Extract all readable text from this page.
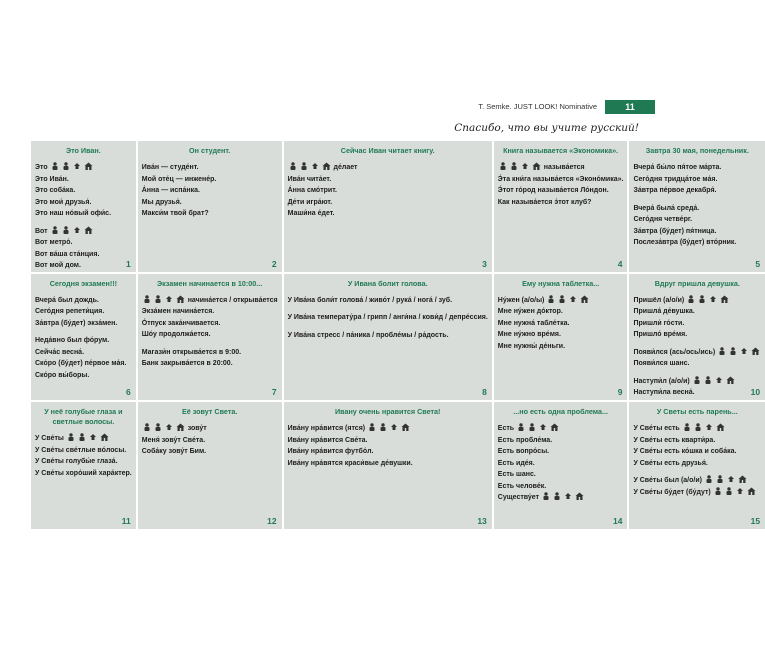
T. Semke. JUST LOOK! Nominative	11
Спасибо, что вы учите русский!
Это Иван.
Это
Это Ива́н.
Это соба́ка.
Это мои́ друзья́.
Это наш но́вый офи́с.
Вот
Вот метро́.
Вот ва́ша ста́нция.
Вот мой дом.	1
Он студент.
Ива́н — студе́нт.
Мой оте́ц — инжене́р.
А́нна — испа́нка.
Мы друзья́.
Макси́м твой брат?
2
Сейчас Иван читает книгу.
де́лает
Ива́н чита́ет.
А́нна смо́трит.
Де́ти игра́ют.
Маши́на е́дет.
3
Книга называется «Экономика».
называ́ется
Э́та кни́га называ́ется «Эконо́мика».
Э́тот го́род называ́ется Ло́ндон.
Как называ́ется э́тот клуб?
4
Завтра 30 мая, понедельник.
Вчера́ бы́ло пя́тое ма́рта.
Сего́дня тридца́тое ма́я.
За́втра пе́рвое декабря́.
Вчера́ была́ среда́.
Сего́дня четве́рг.
За́втра (бу́дет) пя́тница.
Послеза́втра (бу́дет) вто́рник.
5
Сегодня экзамен!!!
Вчера́ был дождь.
Сего́дня репети́ция.
За́втра (бу́дет) экза́мен.
Неда́вно был фо́рум.
Сейча́с весна́.
Ско́ро (бу́дет) пе́рвое ма́я.
Ско́ро вы́боры.
6
Экзамен начинается в 10:00...
начина́ется / открыва́ется
Экза́мен начина́ется.
О́тпуск зака́нчивается.
Шо́у продолжа́ется.
Магази́н открыва́ется в 9:00.
Банк закрыва́ется в 20:00.
7
У Ивана болит голова.
У Ива́на боли́т голова́ / живо́т / рука́ / нога́ / зуб.
У Ива́на температу́ра / грипп / анги́на / кови́д / депре́ссия.
У Ива́на стресс / па́ника / пробле́мы / ра́дость.
8
Ему нужна таблетка...
Ну́жен (а/о/ы)
Мне ну́жен до́ктор.
Мне нужна́ табле́тка.
Мне ну́жно вре́мя.
Мне нужны́ де́ньги.
9
Вдруг пришла девушка.
Пришёл (а/о/и)
Пришла́ де́вушка.
Пришли́ го́сти.
Пришло́ вре́мя.
Появи́лся (ась/ось/ись)
Появи́лся шанс.
Наступи́л (а/о/и)
Наступи́ла весна́.	10
У неё голубые глаза и светлые волосы.
У Све́ты
У Све́ты све́тлые во́лосы.
У Све́ты голубы́е глаза́.
У Све́ты хоро́ший хара́ктер.
11
Её зовут Света.
зову́т
Меня́ зову́т Све́та.
Соба́ку зову́т Бим.
12
Ивану очень нравится Света!
Ива́ну нра́вится (ятся)
Ива́ну нра́вится Све́та.
Ива́ну нра́вится футбо́л.
Ива́ну нра́вятся краси́вые де́вушки.
13
...но есть одна проблема...
Есть
Есть пробле́ма.
Есть вопро́сы.
Есть иде́я.
Есть шанс.
Есть челове́к.
Существу́ет
14
У Светы есть парень...
У Све́ты есть
У Све́ты есть кварти́ра.
У Све́ты есть ко́шка и соба́ка.
У Све́ты есть друзья́.
У Све́ты был (а/о/и)
У Све́ты бу́дет (бу́дут)
15
